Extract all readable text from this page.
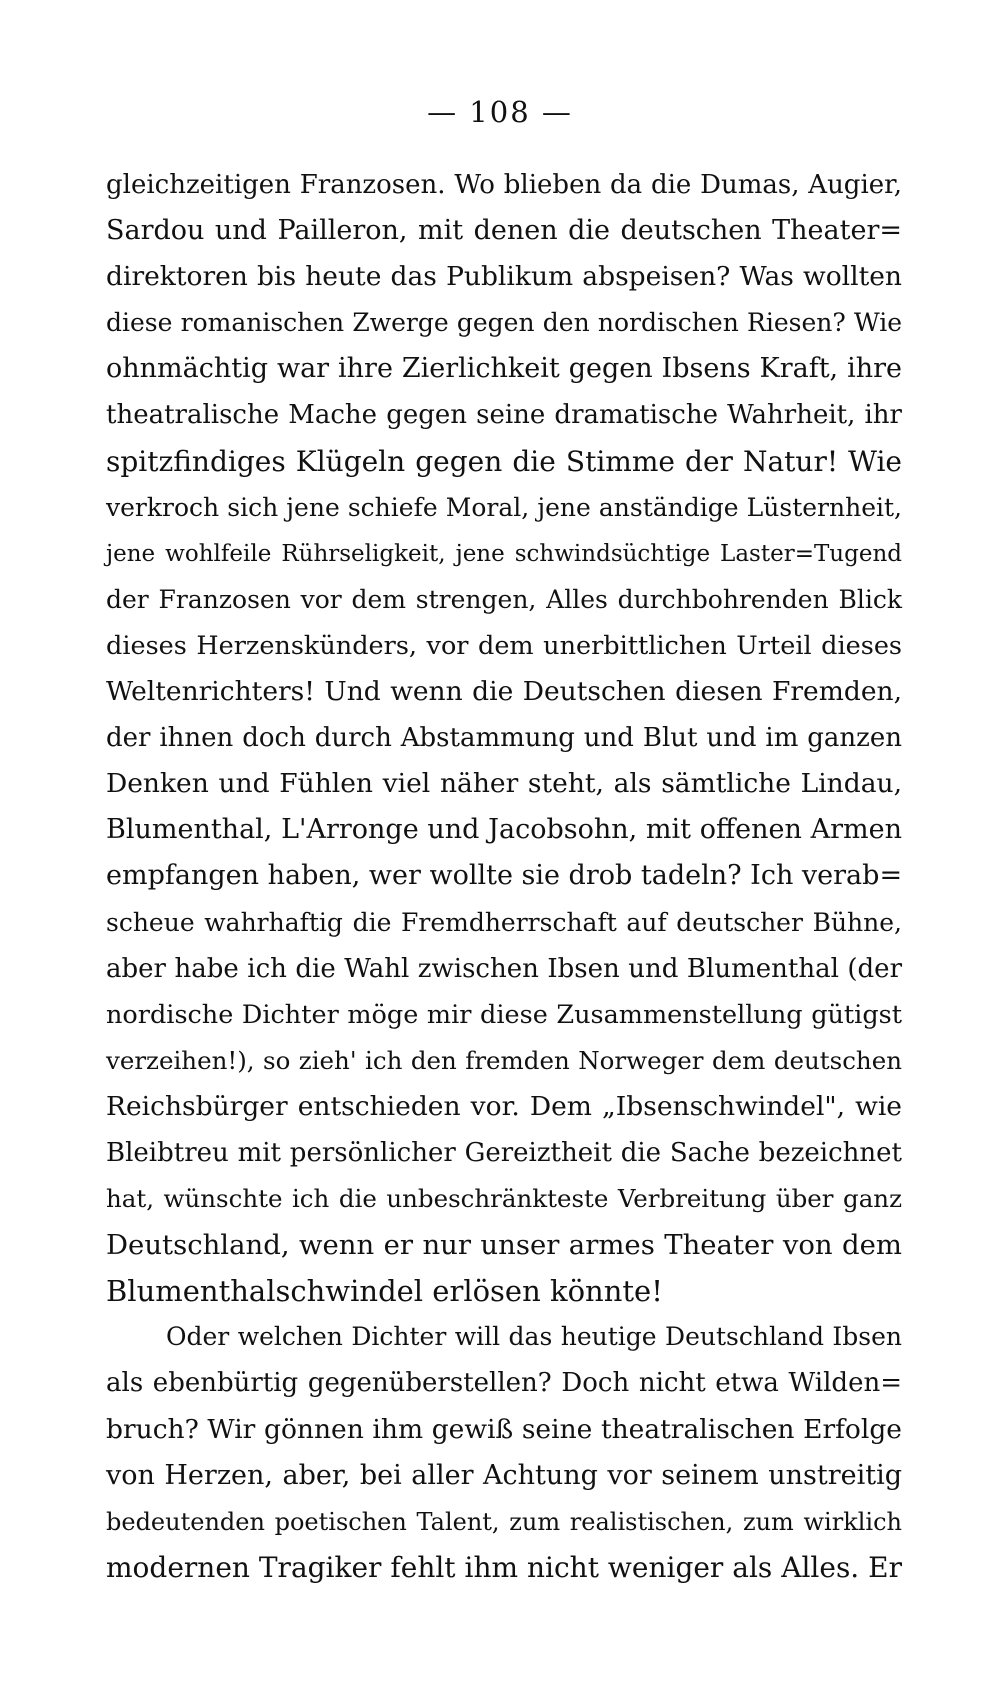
— 108 —
gleichzeitigen Franzosen. Wo blieben da die Dumas, Augier,
Sardou und Pailleron, mit denen die deutschen Theater=
direktoren bis heute das Publikum abspeisen? Was wollten
diese romanischen Zwerge gegen den nordischen Riesen? Wie
ohnmächtig war ihre Zierlichkeit gegen Ibsens Kraft, ihre
theatralische Mache gegen seine dramatische Wahrheit, ihr
spitzfindiges Klügeln gegen die Stimme der Natur! Wie
verkroch sich jene schiefe Moral, jene anständige Lüsternheit,
jene wohlfeile Rührseligkeit, jene schwindsüchtige Laster=Tugend
der Franzosen vor dem strengen, Alles durchbohrenden Blick
dieses Herzenskünders, vor dem unerbittlichen Urteil dieses
Weltenrichters! Und wenn die Deutschen diesen Fremden,
der ihnen doch durch Abstammung und Blut und im ganzen
Denken und Fühlen viel näher steht, als sämtliche Lindau,
Blumenthal, L'Arronge und Jacobsohn, mit offenen Armen
empfangen haben, wer wollte sie drob tadeln? Ich verab=
scheue wahrhaftig die Fremdherrschaft auf deutscher Bühne,
aber habe ich die Wahl zwischen Ibsen und Blumenthal (der
nordische Dichter möge mir diese Zusammenstellung gütigst
verzeihen!), so zieh' ich den fremden Norweger dem deutschen
Reichsbürger entschieden vor. Dem „Ibsenschwindel", wie
Bleibtreu mit persönlicher Gereiztheit die Sache bezeichnet
hat, wünschte ich die unbeschränkteste Verbreitung über ganz
Deutschland, wenn er nur unser armes Theater von dem
Blumenthalschwindel erlösen könnte!
Oder welchen Dichter will das heutige Deutschland Ibsen
als ebenbürtig gegenüberstellen? Doch nicht etwa Wilden=
bruch? Wir gönnen ihm gewiß seine theatralischen Erfolge
von Herzen, aber, bei aller Achtung vor seinem unstreitig
bedeutenden poetischen Talent, zum realistischen, zum wirklich
modernen Tragiker fehlt ihm nicht weniger als Alles. Er
